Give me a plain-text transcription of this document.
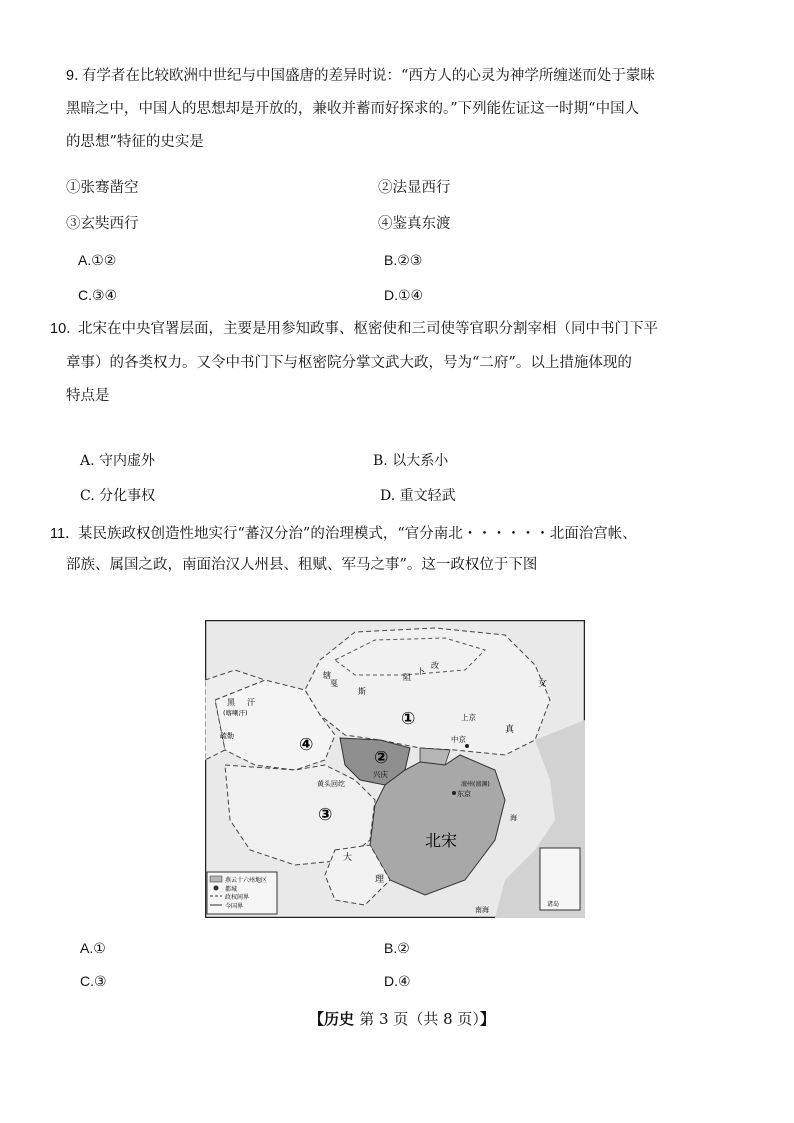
9．
有学者在比较欧洲中世纪与中国盛唐的差异时说：“西方人的心灵为神学所缠迷而处于蒙昧
黑暗之中，中国人的思想却是开放的，兼收并蓄而好探求的。”下列能佐证这一时期“中国人
的思想”特征的史实是
①张骞凿空	②法显西行
③玄奘西行	④鉴真东渡
A.①②	B.②③
C.③④	D.①④
10．
北宋在中央官署层面，主要是用参知政事、枢密使和三司使等官职分割宰相（同中书门下平
章事）的各类权力。又令中书门下与枢密院分掌文武大政，号为“二府”。以上措施体现的
特点是
A. 守内虚外	B. 以大系小
C. 分化事权	D. 重文轻武
11．
某民族政权创造性地实行“蕃汉分治”的治理模式，“官分南北・・・・・・北面治宫帐、
部族、属国之政，南面治汉人州县、租赋、军马之事”。这一政权位于下图
燕云十六州地区
都城
政权间界
今国界
①
②
③
④
辖
戛
斯
阻
卜
改
女
真
上京
中京
兴庆
黄头回纥
东京
澶州(澶渊)
北宋
大
理
黑 汗
(喀喇汗)
疏勒
南海
海
诸岛
A.①	B.②
C.③	D.④
【历史 第 3 页（共 8 页）】
